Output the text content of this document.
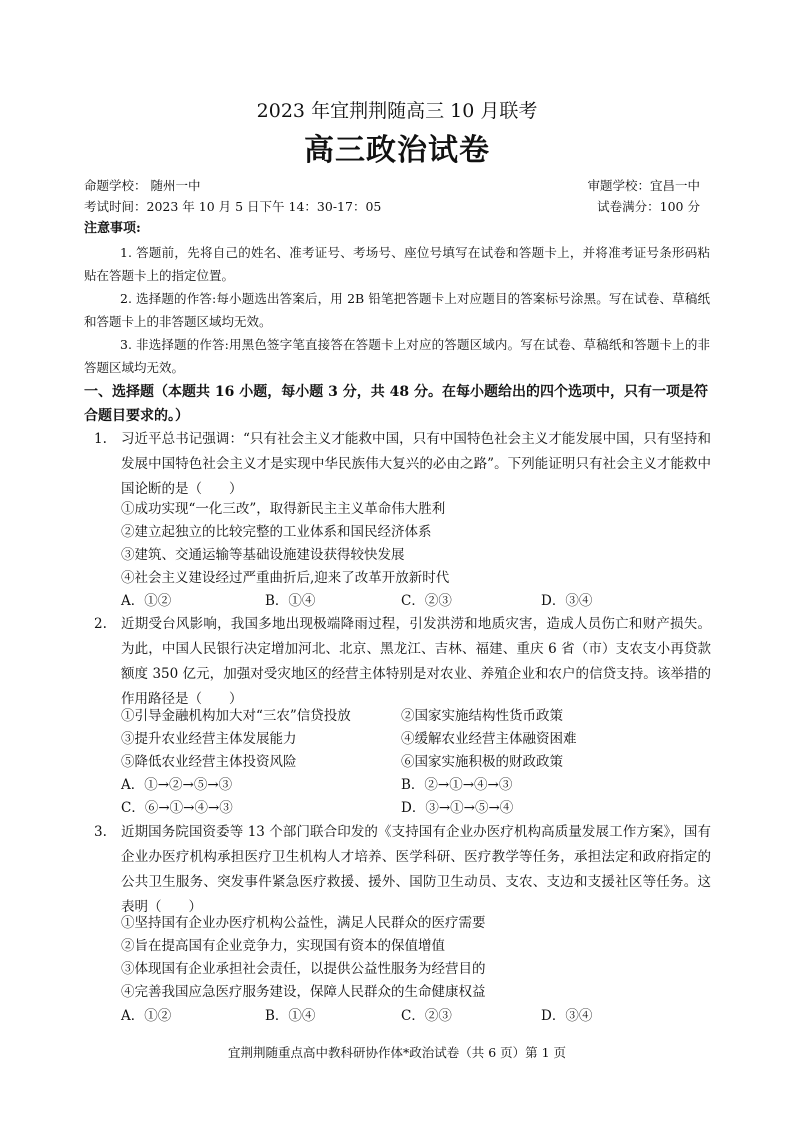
2023 年宜荆荆随高三 10 月联考
高三政治试卷
命题学校： 随州一中	审题学校：宜昌一中
考试时间：2023 年 10 月 5 日下午 14：30-17：05	试卷满分：100 分
注意事项:
1. 答题前，先将自己的姓名、准考证号、考场号、座位号填写在试卷和答题卡上，并将准考证号条形码粘贴在答题卡上的指定位置。
2. 选择题的作答:每小题选出答案后，用 2B 铅笔把答题卡上对应题目的答案标号涂黑。写在试卷、草稿纸和答题卡上的非答题区域均无效。
3. 非选择题的作答:用黑色签字笔直接答在答题卡上对应的答题区域内。写在试卷、草稿纸和答题卡上的非答题区域均无效。
一、选择题（本题共 16 小题，每小题 3 分，共 48 分。在每小题给出的四个选项中，只有一项是符合题目要求的。）
1. 习近平总书记强调：“只有社会主义才能救中国，只有中国特色社会主义才能发展中国，只有坚持和发展中国特色社会主义才是实现中华民族伟大复兴的必由之路”。下列能证明只有社会主义才能救中国论断的是（　　）
①成功实现“一化三改”，取得新民主主义革命伟大胜利
②建立起独立的比较完整的工业体系和国民经济体系
③建筑、交通运输等基础设施建设获得较快发展
④社会主义建设经过严重曲折后,迎来了改革开放新时代
A．①②	B．①④	C．②③	D．③④
2. 近期受台风影响，我国多地出现极端降雨过程，引发洪涝和地质灾害，造成人员伤亡和财产损失。为此，中国人民银行决定增加河北、北京、黑龙江、吉林、福建、重庆 6 省（市）支农支小再贷款额度 350 亿元，加强对受灾地区的经营主体特别是对农业、养殖企业和农户的信贷支持。该举措的作用路径是（　　）
①引导金融机构加大对“三农”信贷投放	②国家实施结构性货币政策
③提升农业经营主体发展能力	④缓解农业经营主体融资困难
⑤降低农业经营主体投资风险	⑥国家实施积极的财政政策
A．①→②→⑤→③	B．②→①→④→③
C．⑥→①→④→③	D．③→①→⑤→④
3. 近期国务院国资委等 13 个部门联合印发的《支持国有企业办医疗机构高质量发展工作方案》，国有企业办医疗机构承担医疗卫生机构人才培养、医学科研、医疗教学等任务，承担法定和政府指定的公共卫生服务、突发事件紧急医疗救援、援外、国防卫生动员、支农、支边和支援社区等任务。这表明（　　）
①坚持国有企业办医疗机构公益性，满足人民群众的医疗需要
②旨在提高国有企业竞争力，实现国有资本的保值增值
③体现国有企业承担社会责任，以提供公益性服务为经营目的
④完善我国应急医疗服务建设，保障人民群众的生命健康权益
A．①②	B．①④	C．②③	D．③④
宜荆荆随重点高中教科研协作体*政治试卷（共 6 页）第 1 页
